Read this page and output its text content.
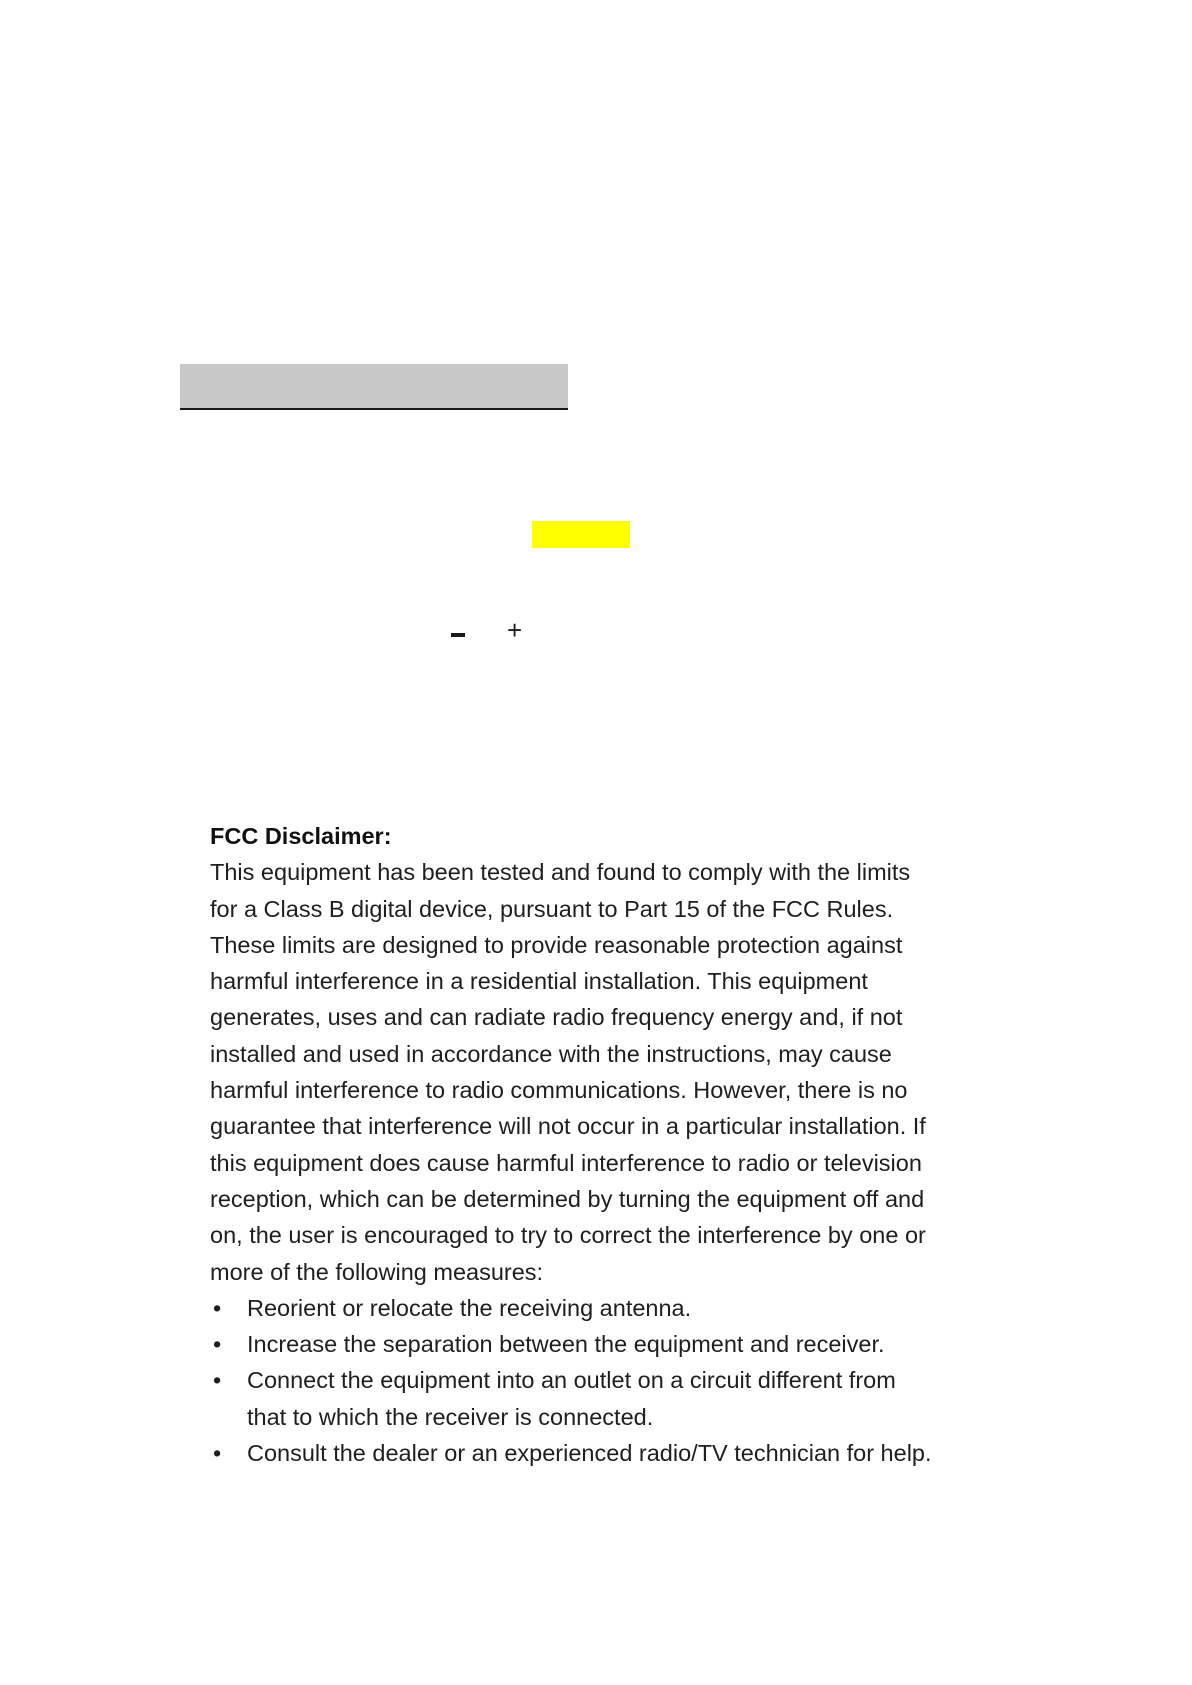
+

FCC Disclaimer:

This equipment has been tested and found to comply with the limits
for a Class B digital device, pursuant to Part 15 of the FCC Rules.
These limits are designed to provide reasonable protection against
harmful interference in a residential installation. This equipment
generates, uses and can radiate radio frequency energy and, if not
installed and used in accordance with the instructions, may cause
harmful interference to radio communications. However, there is no
guarantee that interference will not occur in a particular installation. If
this equipment does cause harmful interference to radio or television
reception, which can be determined by turning the equipment off and
on, the user is encouraged to try to correct the interference by one or
more of the following measures:

• Reorient or relocate the receiving antenna.
• Increase the separation between the equipment and receiver.
• Connect the equipment into an outlet on a circuit different from
that to which the receiver is connected.
• Consult the dealer or an experienced radio/TV technician for help.
